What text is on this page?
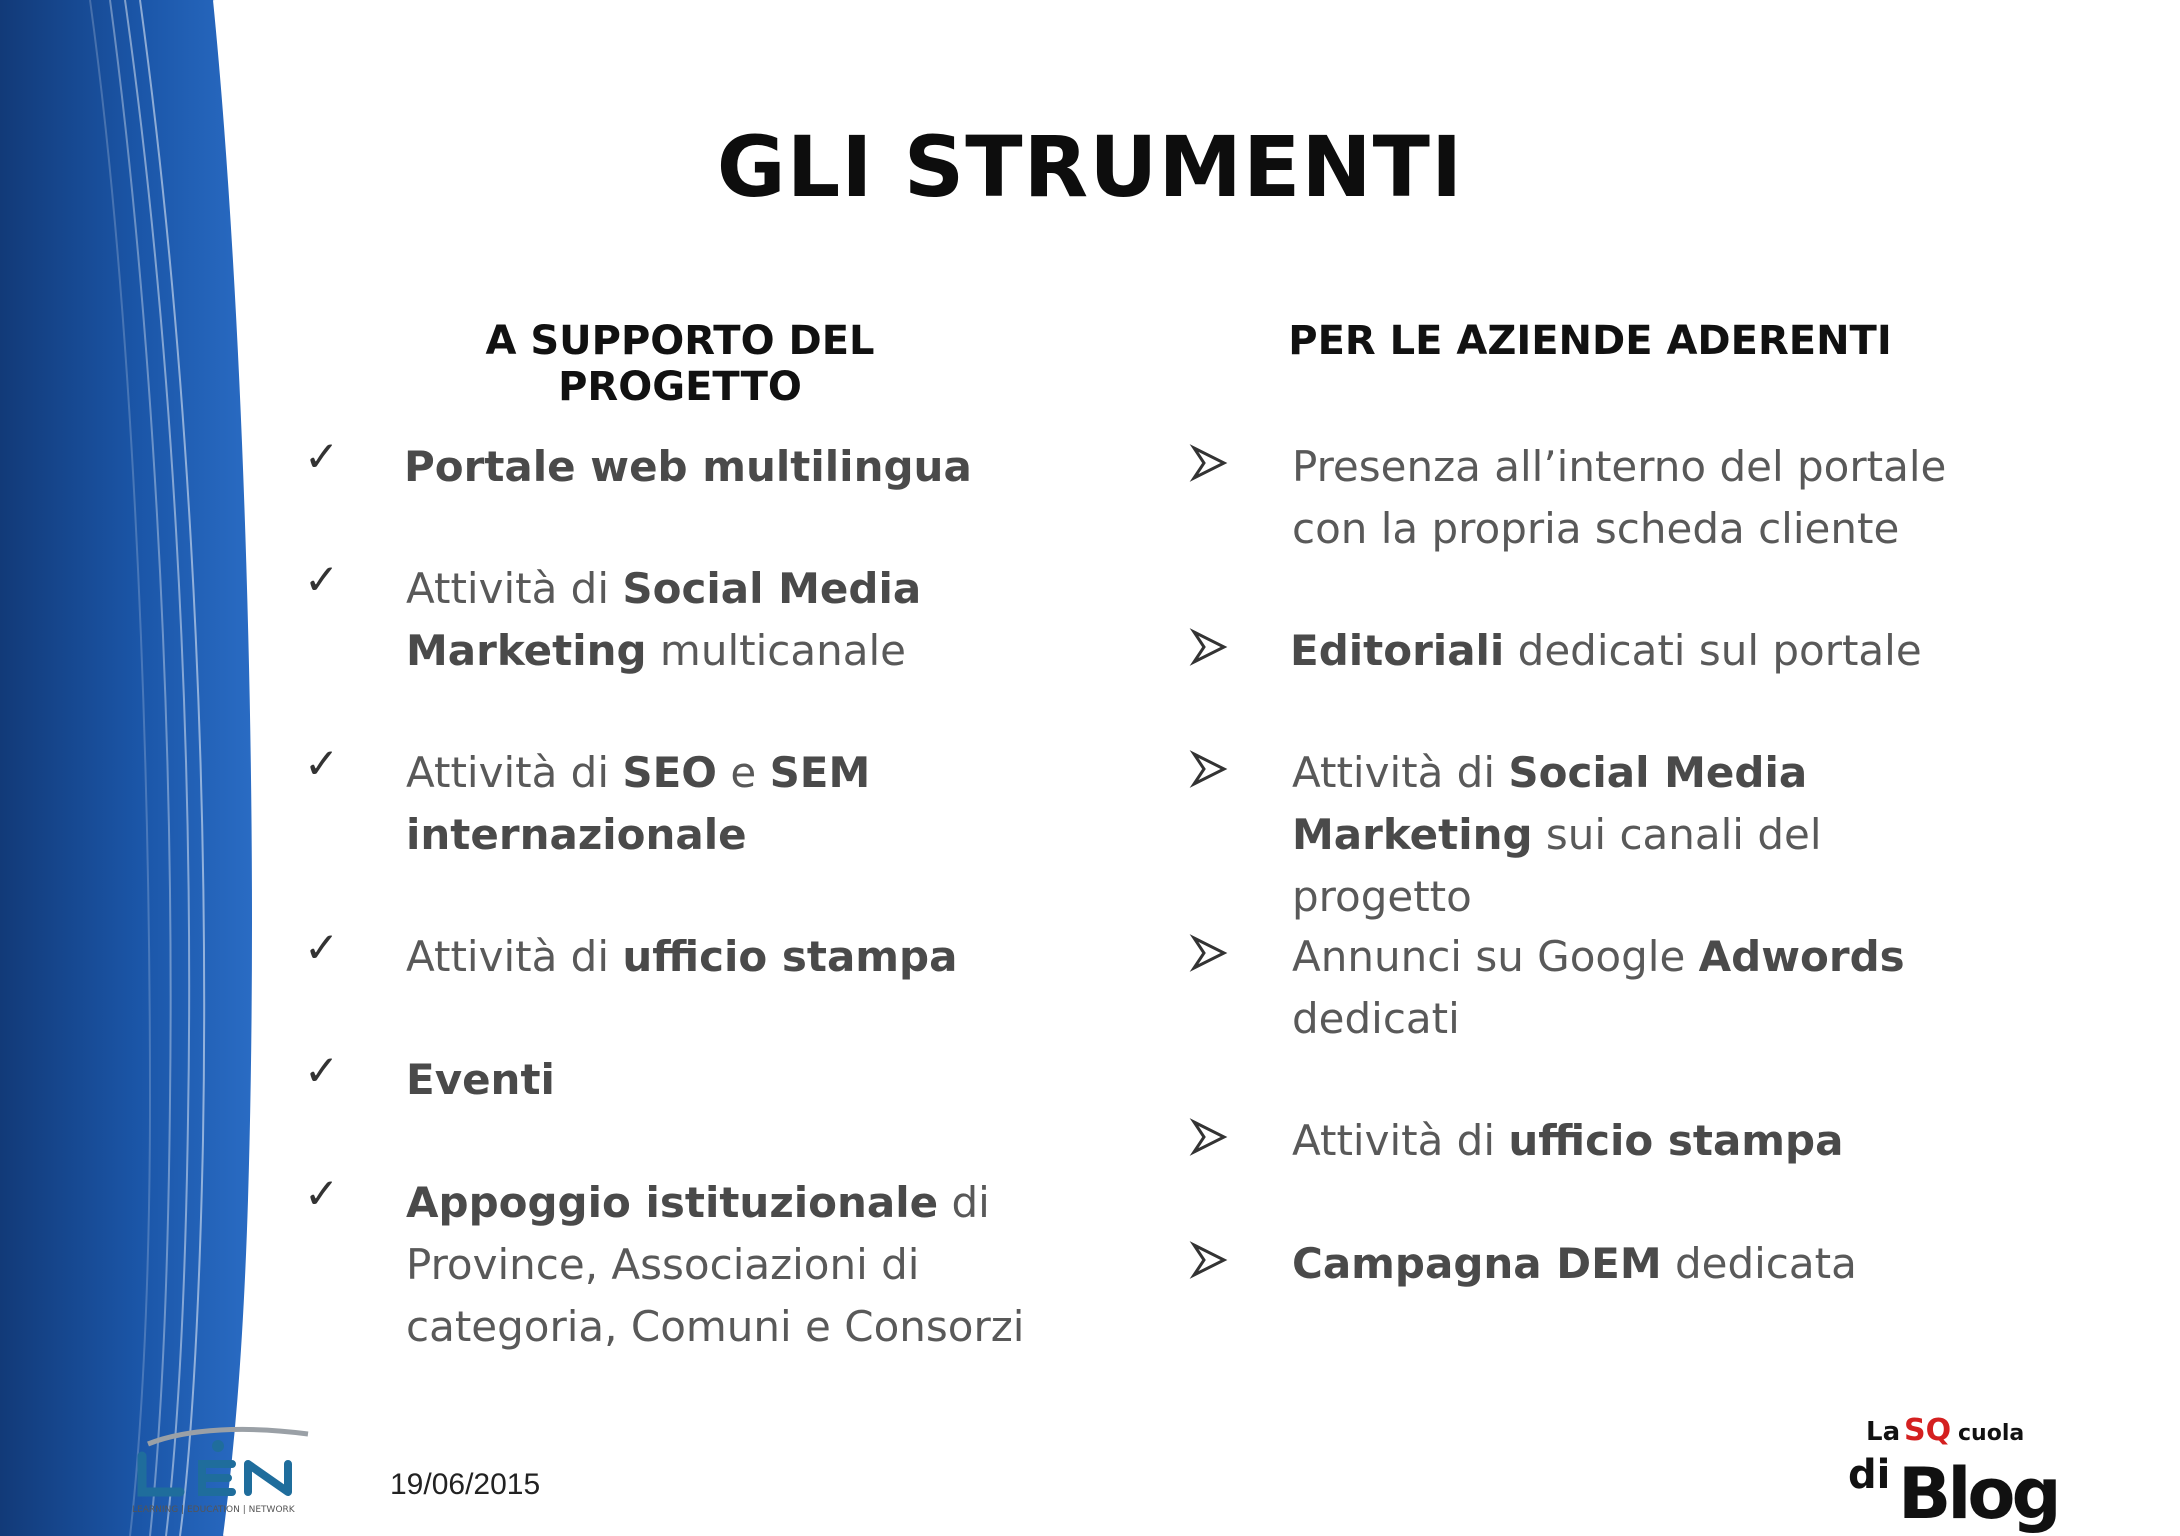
GLI STRUMENTI
A SUPPORTO DEL PROGETTO
PER LE AZIENDE ADERENTI
✓ Portale web multilingua
✓ Attività di Social Media Marketing multicanale
✓ Attività di SEO e SEM internazionale
✓ Attività di ufficio stampa
✓ Eventi
✓ Appoggio istituzionale di Province, Associazioni di categoria, Comuni e Consorzi
Presenza all’interno del portale con la propria scheda cliente
Editoriali dedicati sul portale
Attività di Social Media Marketing sui canali del progetto
Annunci su Google Adwords dedicati
Attività di ufficio stampa
Campagna DEM dedicata
19/06/2015
LEARNING | EDUCATION | NETWORK
La SQ cuola
di Blog
